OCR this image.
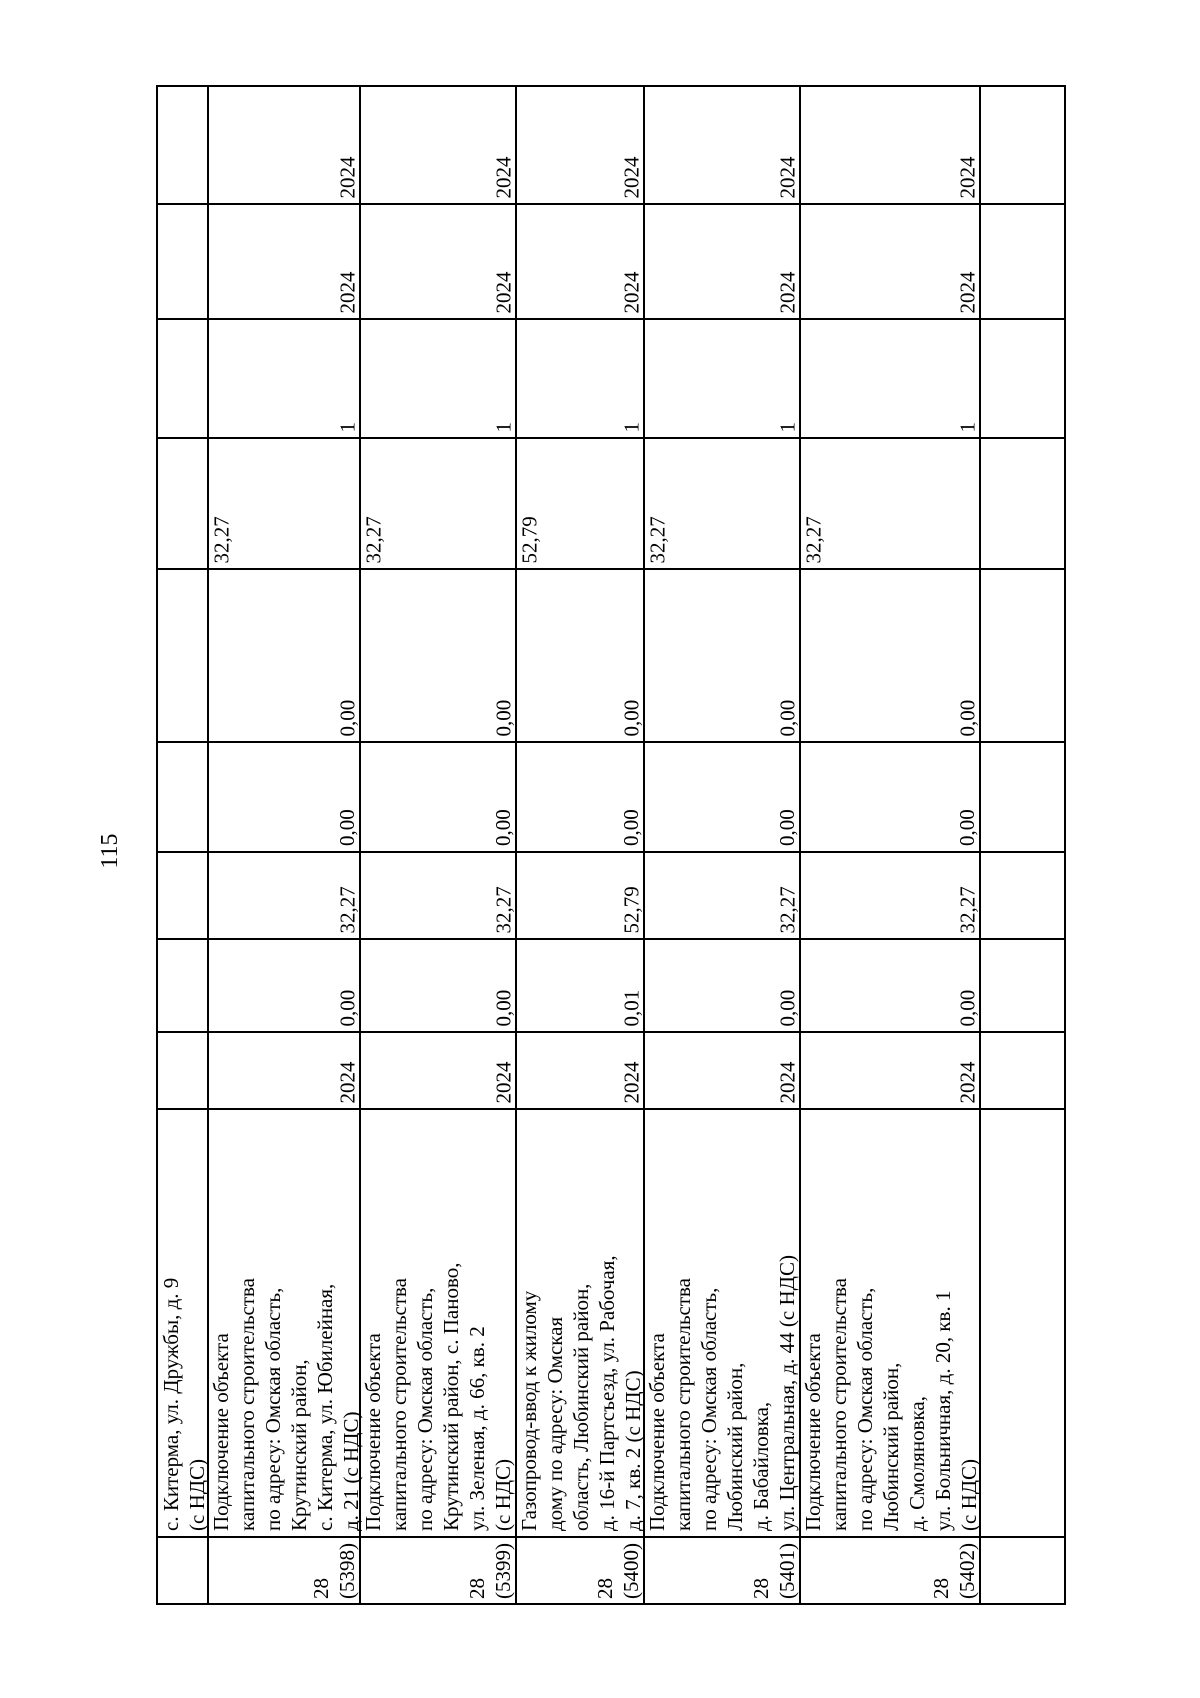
115
с. Китерма, ул. Дружбы, д. 9 (с НДС) Подключение объекта капитального строительства по адресу: Омская область, Крутинский район, с. Китерма, ул. Юбилейная, д. 21 (с НДС)
28 (5398)
2024
0,00
32,27
0,00
0,00
32,27
1
2024
2024
Подключение объекта капитального строительства по адресу: Омская область, Крутинский район, с. Паново, ул. Зеленая, д. 66, кв. 2 (с НДС)
28 (5399)
2024
0,00
32,27
0,00
0,00
32,27
1
2024
2024
Газопровод-ввод к жилому дому по адресу: Омская область, Любинский район, д. 16-й Партсъезд, ул. Рабочая, д. 7, кв. 2 (с НДС)
28 (5400)
2024
0,01
52,79
0,00
0,00
52,79
1
2024
2024
Подключение объекта капитального строительства по адресу: Омская область, Любинский район, д. Бабайловка, ул. Центральная, д. 44 (с НДС)
28 (5401)
2024
0,00
32,27
0,00
0,00
32,27
1
2024
2024
Подключение объекта капитального строительства по адресу: Омская область, Любинский район, д. Смоляновка, ул. Больничная, д. 20, кв. 1 (с НДС)
28 (5402)
2024
0,00
32,27
0,00
0,00
32,27
1
2024
2024
